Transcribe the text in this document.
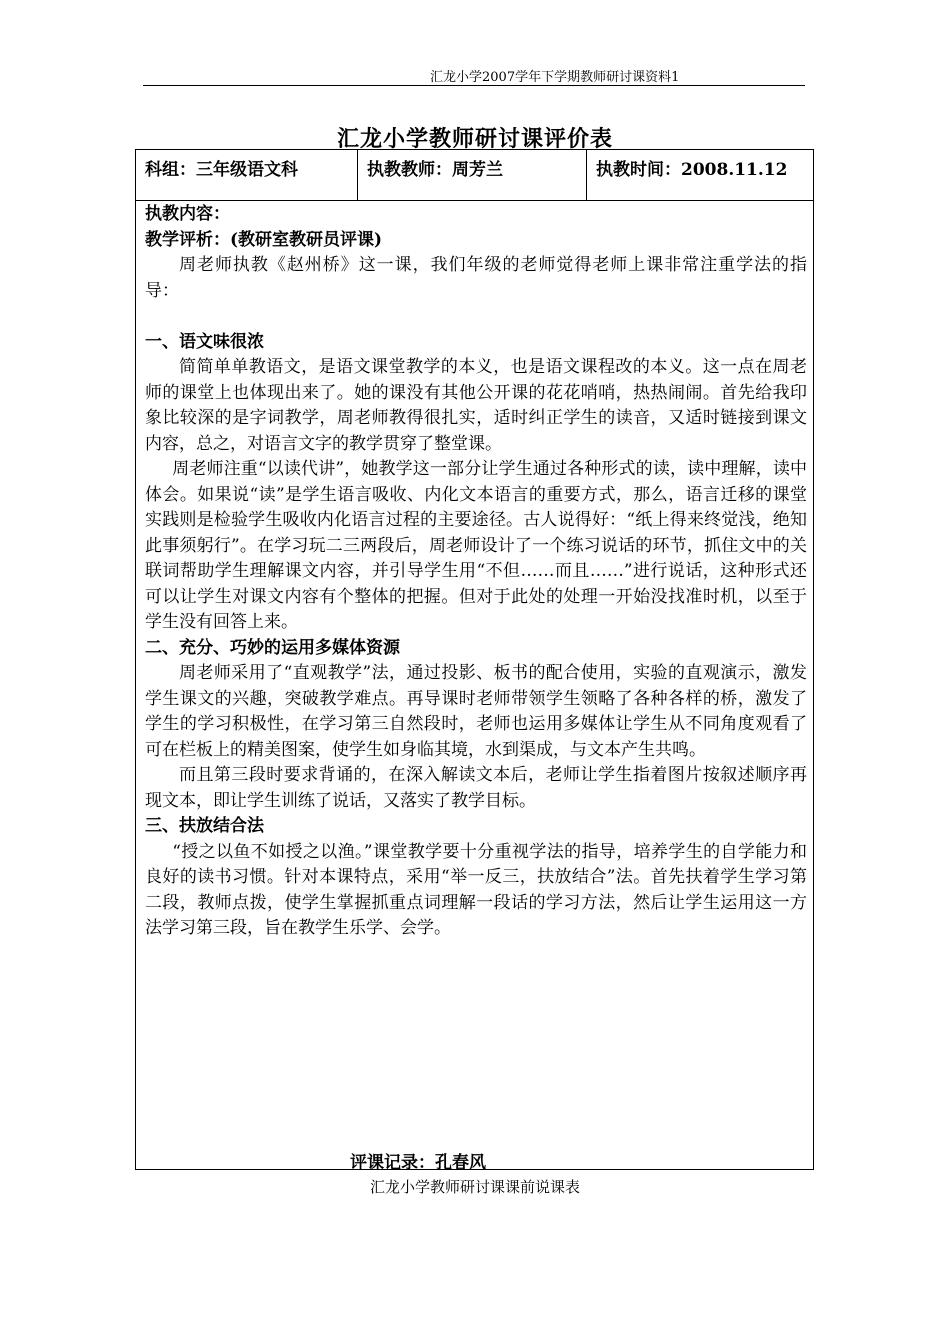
汇龙小学2007学年下学期教师研讨课资料1
汇龙小学教师研讨课评价表
科组：三年级语文科	执教教师：周芳兰	执教时间：2008.11.12

执教内容：

教学评析：(教研室教研员评课)

周老师执教《赵州桥》这一课，我们年级的老师觉得老师上课非常注重学法的指导：

一、语文味很浓

简简单单教语文，是语文课堂教学的本义，也是语文课程改的本义。这一点在周老师的课堂上也体现出来了。她的课没有其他公开课的花花哨哨，热热闹闹。首先给我印象比较深的是字词教学，周老师教得很扎实，适时纠正学生的读音，又适时链接到课文内容，总之，对语言文字的教学贯穿了整堂课。

周老师注重“以读代讲”，她教学这一部分让学生通过各种形式的读，读中理解，读中体会。如果说“读”是学生语言吸收、内化文本语言的重要方式，那么，语言迁移的课堂实践则是检验学生吸收内化语言过程的主要途径。古人说得好：“纸上得来终觉浅，绝知此事须躬行”。在学习玩二三两段后，周老师设计了一个练习说话的环节，抓住文中的关联词帮助学生理解课文内容，并引导学生用“不但……而且……”进行说话，这种形式还可以让学生对课文内容有个整体的把握。但对于此处的处理一开始没找准时机，以至于学生没有回答上来。

二、充分、巧妙的运用多媒体资源

周老师采用了“直观教学”法，通过投影、板书的配合使用，实验的直观演示，激发学生课文的兴趣，突破教学难点。再导课时老师带领学生领略了各种各样的桥，激发了学生的学习积极性，在学习第三自然段时，老师也运用多媒体让学生从不同角度观看了可在栏板上的精美图案，使学生如身临其境，水到渠成，与文本产生共鸣。

而且第三段时要求背诵的，在深入解读文本后，老师让学生指着图片按叙述顺序再现文本，即让学生训练了说话，又落实了教学目标。

三、扶放结合法

“授之以鱼不如授之以渔。”课堂教学要十分重视学法的指导，培养学生的自学能力和良好的读书习惯。针对本课特点，采用“举一反三，扶放结合”法。首先扶着学生学习第二段，教师点拨，使学生掌握抓重点词理解一段话的学习方法，然后让学生运用这一方法学习第三段，旨在教学生乐学、会学。

评课记录：孔春风
汇龙小学教师研讨课课前说课表
